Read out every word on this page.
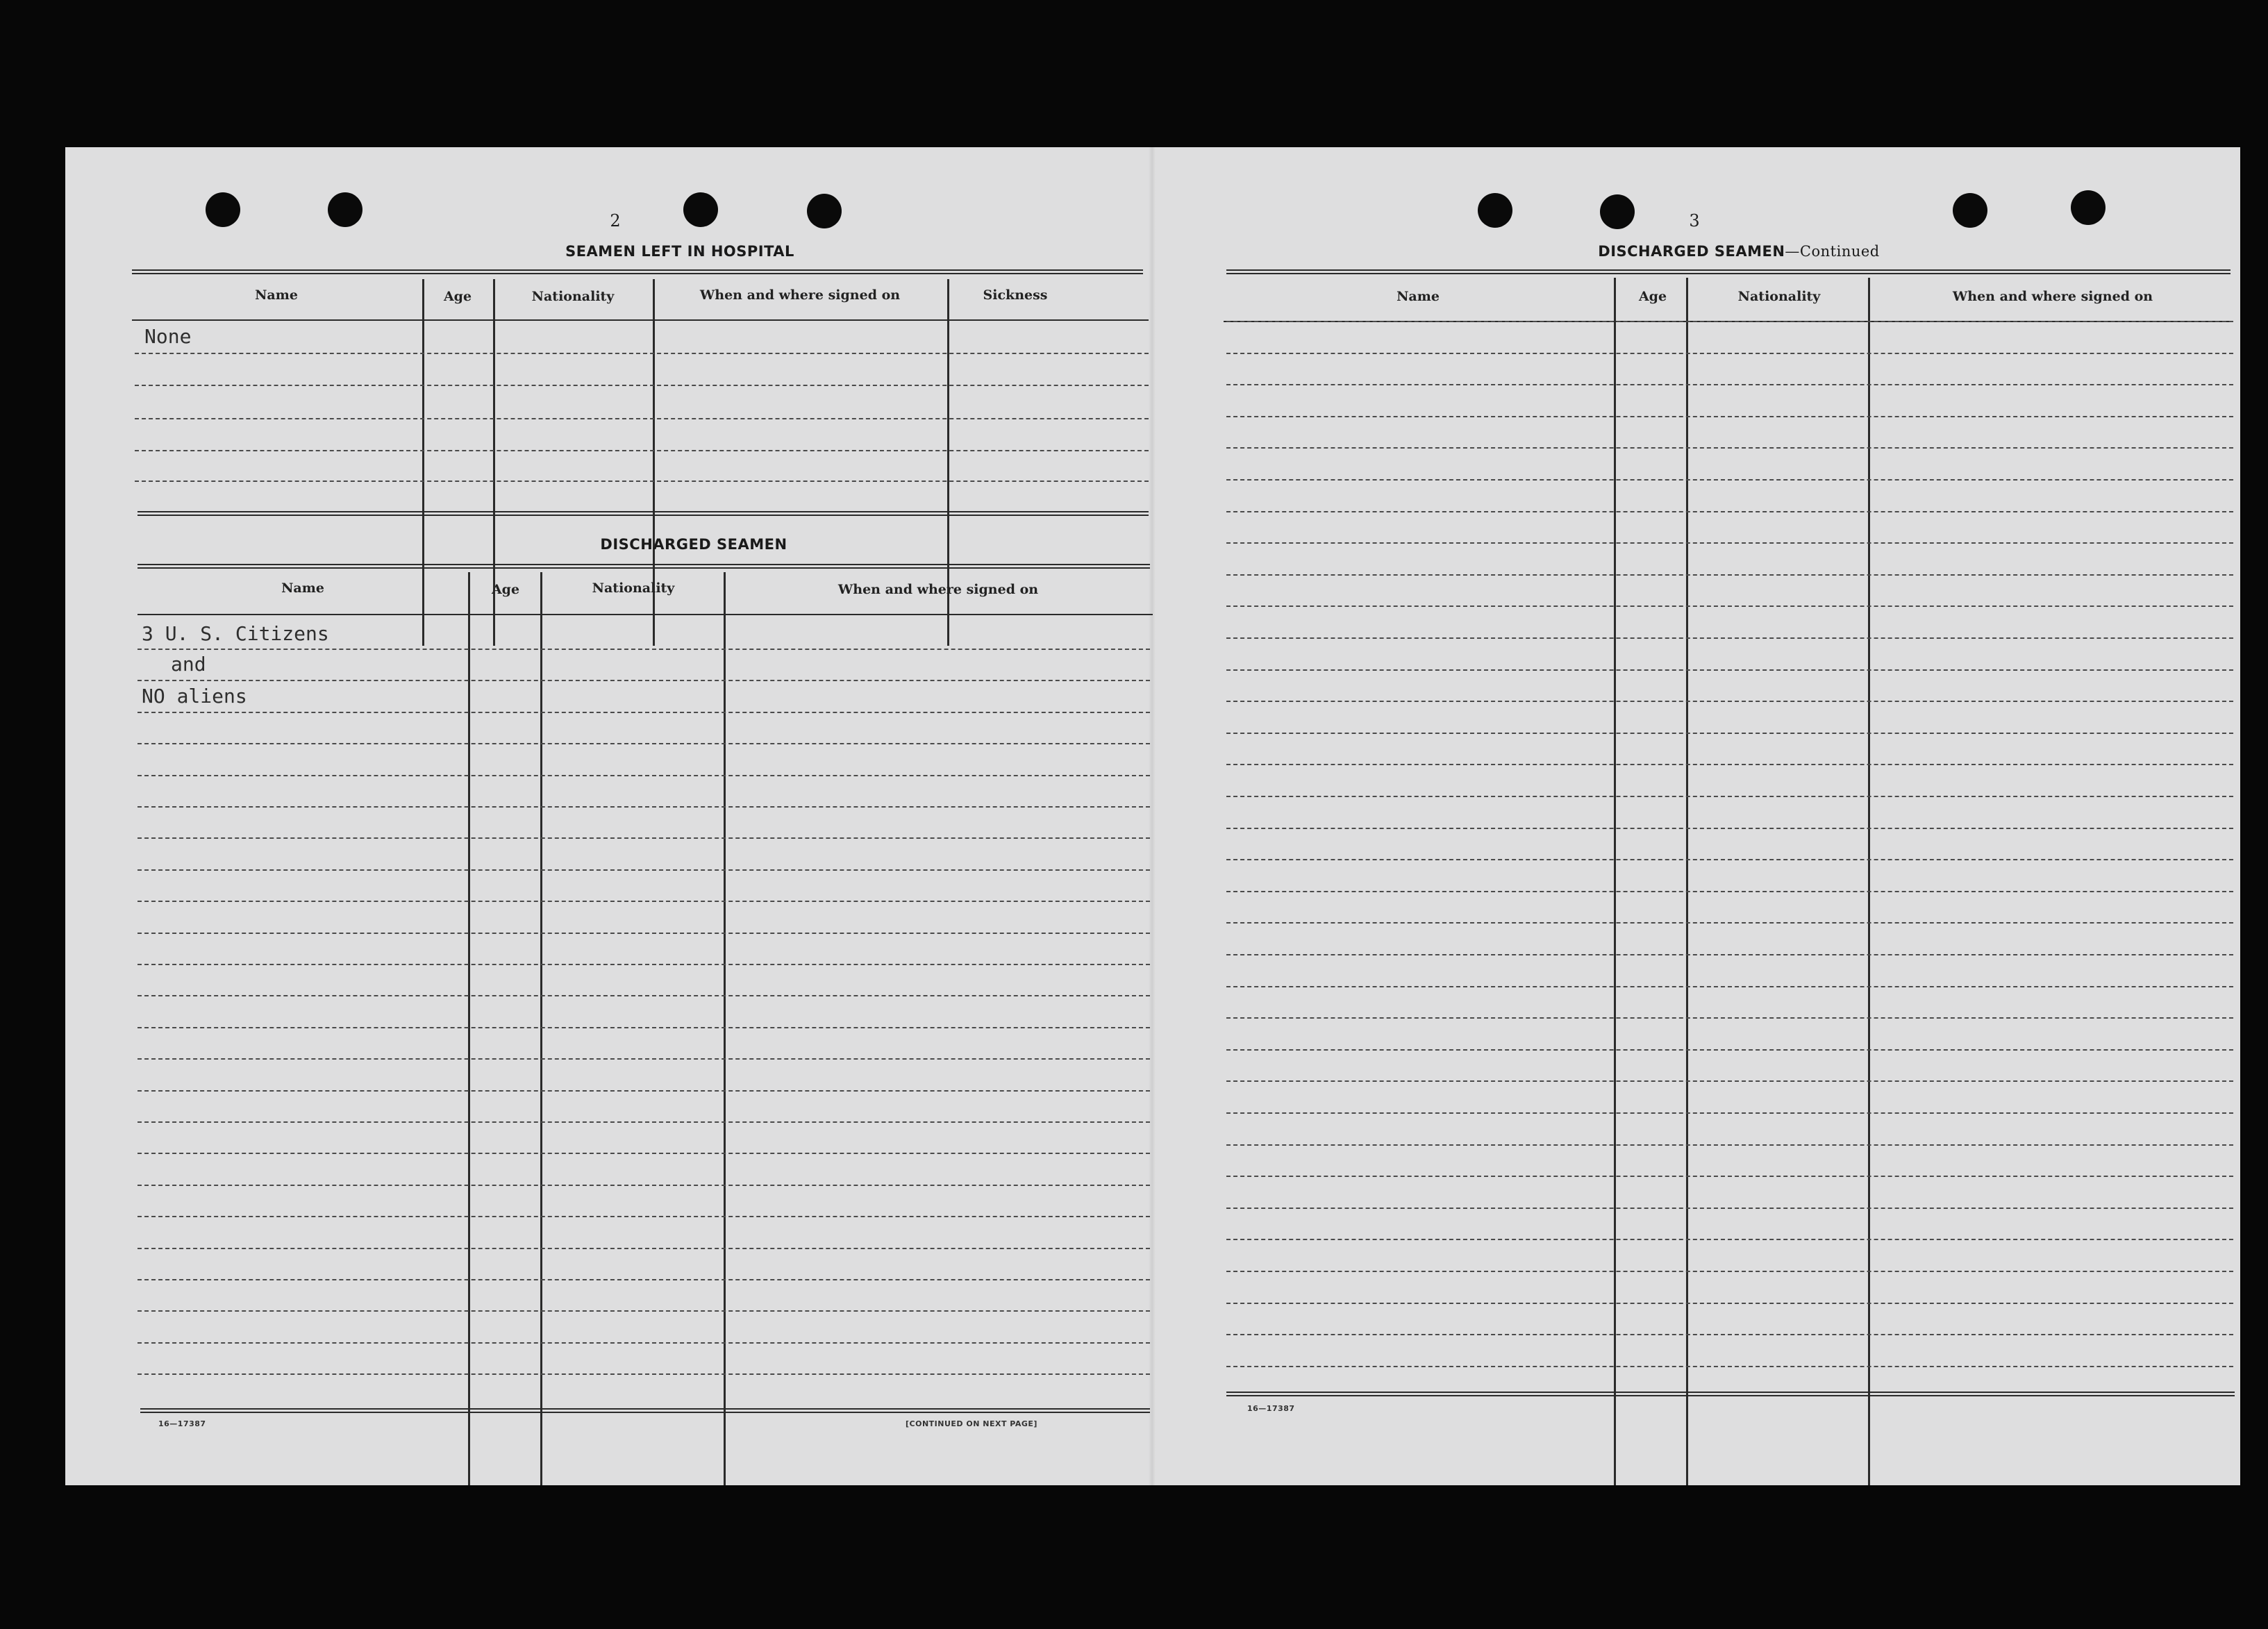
2
SEAMEN LEFT IN HOSPITAL
Name	Age	Nationality	When and where signed on	Sickness
None
DISCHARGED SEAMEN
Name	Age	Nationality	When and where signed on
3 U. S. Citizens
and
NO aliens
16—17387	[CONTINUED ON NEXT PAGE]
3
DISCHARGED SEAMEN—Continued
Name	Age	Nationality	When and where signed on
16—17387
